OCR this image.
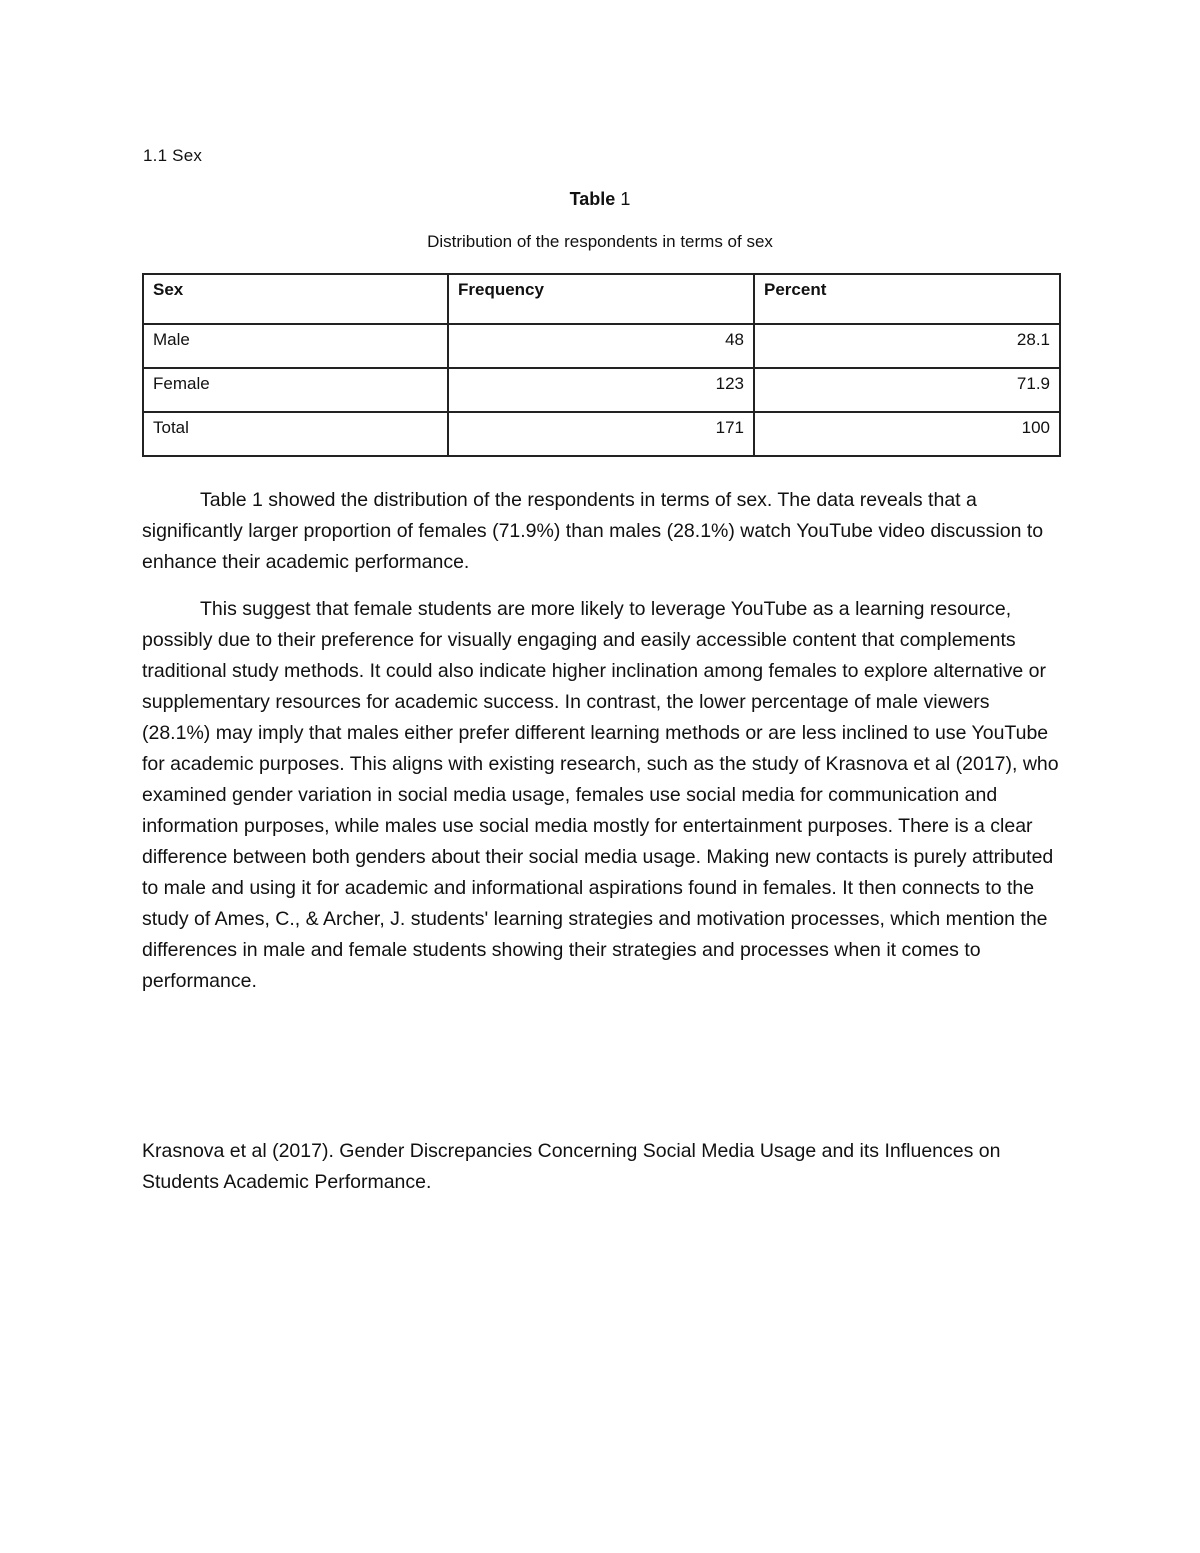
1.1 Sex
Table 1
Distribution of the respondents in terms of sex
Sex	Frequency	Percent
Male	48	28.1
Female	123	71.9
Total	171	100

Table 1 showed the distribution of the respondents in terms of sex. The data reveals that a significantly larger proportion of females (71.9%) than males (28.1%) watch YouTube video discussion to enhance their academic performance.

This suggest that female students are more likely to leverage YouTube as a learning resource, possibly due to their preference for visually engaging and easily accessible content that complements traditional study methods. It could also indicate higher inclination among females to explore alternative or supplementary resources for academic success. In contrast, the lower percentage of male viewers (28.1%) may imply that males either prefer different learning methods or are less inclined to use YouTube for academic purposes. This aligns with existing research, such as the study of Krasnova et al (2017), who examined gender variation in social media usage, females use social media for communication and information purposes, while males use social media mostly for entertainment purposes. There is a clear difference between both genders about their social media usage. Making new contacts is purely attributed to male and using it for academic and informational aspirations found in females. It then connects to the study of Ames, C., & Archer, J. students' learning strategies and motivation processes, which mention the differences in male and female students showing their strategies and processes when it comes to performance.

Krasnova et al (2017). Gender Discrepancies Concerning Social Media Usage and its Influences on Students Academic Performance.
